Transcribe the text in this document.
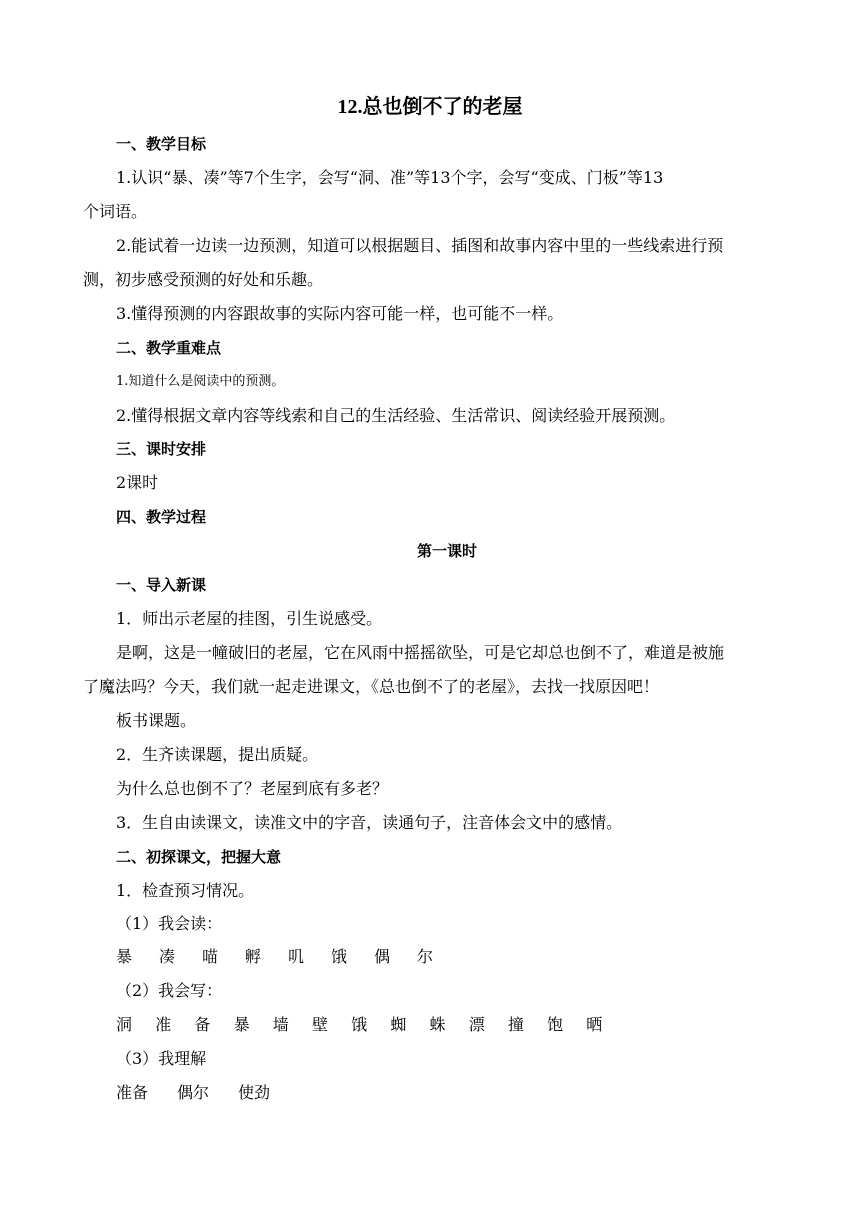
12.总也倒不了的老屋
一、教学目标
1.认识“暴、凑”等7个生字，会写“洞、准”等13个字，会写“变成、门板”等13
个词语。
2.能试着一边读一边预测，知道可以根据题目、插图和故事内容中里的一些线索进行预
测，初步感受预测的好处和乐趣。
3.懂得预测的内容跟故事的实际内容可能一样，也可能不一样。
二、教学重难点
1.知道什么是阅读中的预测。
2.懂得根据文章内容等线索和自己的生活经验、生活常识、阅读经验开展预测。
三、课时安排
2课时
四、教学过程
第一课时
一、导入新课
1．师出示老屋的挂图，引生说感受。
是啊，这是一幢破旧的老屋，它在风雨中摇摇欲坠，可是它却总也倒不了，难道是被施
了魔法吗？今天，我们就一起走进课文，《总也倒不了的老屋》，去找一找原因吧！
板书课题。
2．生齐读课题，提出质疑。
为什么总也倒不了？老屋到底有多老？
3．生自由读课文，读准文中的字音，读通句子，注音体会文中的感情。
二、初探课文，把握大意
1．检查预习情况。
（1）我会读：
暴	凑	喵	孵	叽	饿	偶	尔
（2）我会写：
洞	准	备	暴	墙	壁	饿	蜘	蛛	漂	撞	饱	晒
（3）我理解
准备	偶尔	使劲
